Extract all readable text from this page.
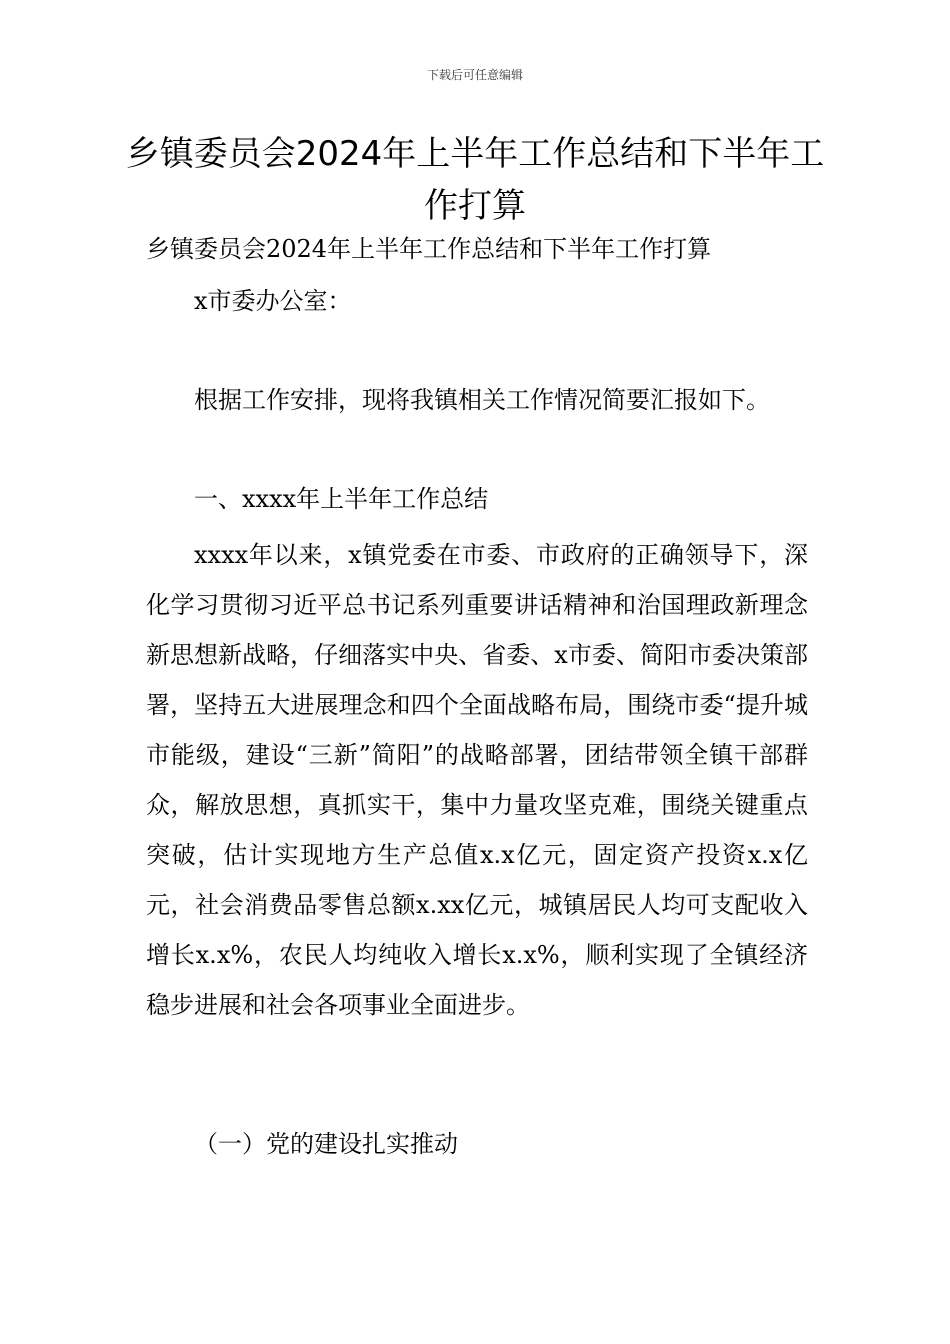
下载后可任意编辑
乡镇委员会2024年上半年工作总结和下半年工作打算
乡镇委员会2024年上半年工作总结和下半年工作打算
x市委办公室：
根据工作安排，现将我镇相关工作情况简要汇报如下。
一、xxxx年上半年工作总结

xxxx年以来，x镇党委在市委、市政府的正确领导下，深化学习贯彻习近平总书记系列重要讲话精神和治国理政新理念新思想新战略，仔细落实中央、省委、x市委、简阳市委决策部署，坚持五大进展理念和四个全面战略布局，围绕市委“提升城市能级，建设“三新”简阳”的战略部署，团结带领全镇干部群众，解放思想，真抓实干，集中力量攻坚克难，围绕关键重点突破，估计实现地方生产总值x.x亿元，固定资产投资x.x亿元，社会消费品零售总额x.xx亿元，城镇居民人均可支配收入增长x.x%，农民人均纯收入增长x.x%，顺利实现了全镇经济稳步进展和社会各项事业全面进步。

（一）党的建设扎实推动
